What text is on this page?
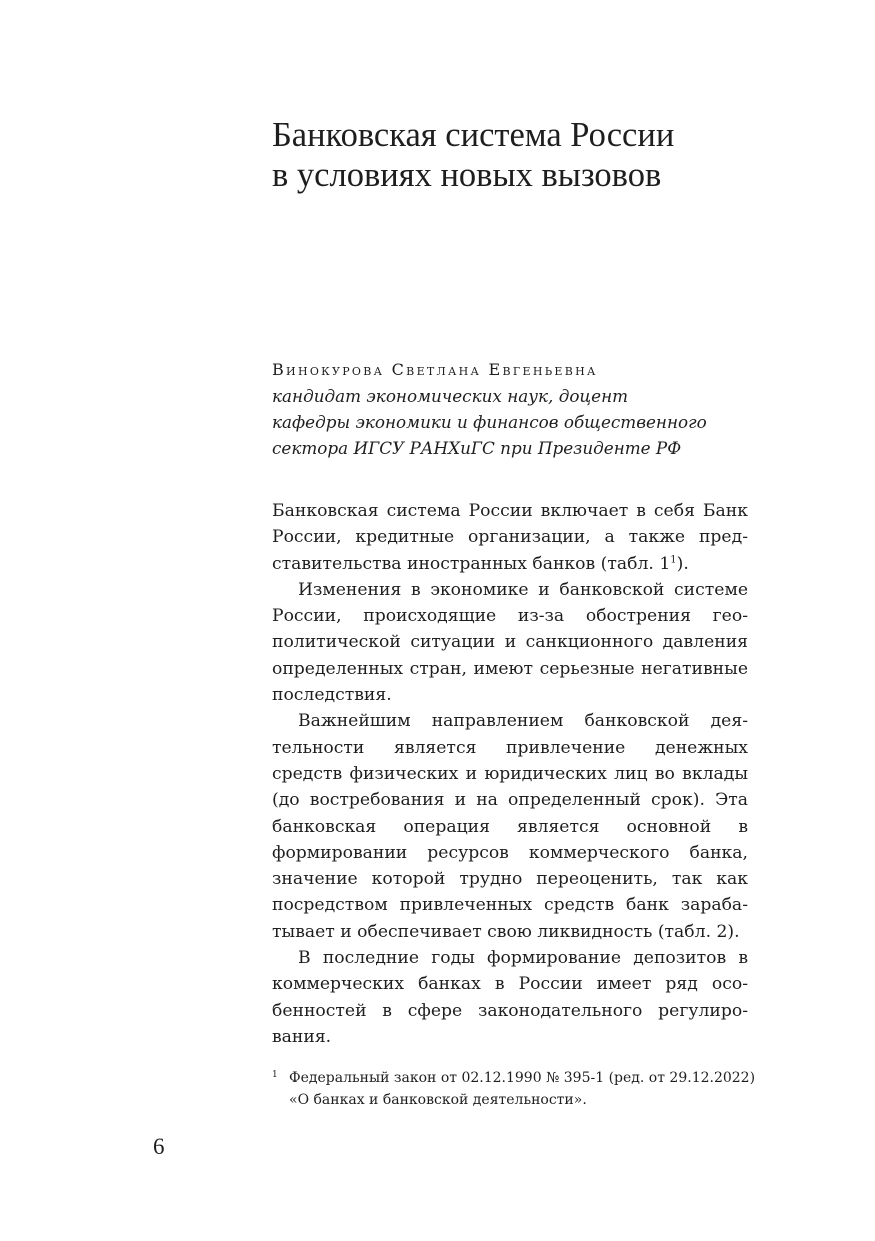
Банковская система России
в условиях новых вызовов
Винокурова Светлана Евгеньевна
кандидат экономических наук, доцент
кафедры экономики и финансов общественного
сектора ИГСУ РАНХиГС при Президенте РФ

Банковская система России включает в себя Банк России, кредитные организации, а также представительства иностранных банков (табл. $1^1$).

Изменения в экономике и банковской системе России, происходящие из-за обострения геополитической ситуации и санкционного давления определенных стран, имеют серьезные негативные последствия.

Важнейшим направлением банковской деятельности является привлечение денежных средств физических и юридических лиц во вклады (до востребования и на определенный срок). Эта банковская операция является основной в формировании ресурсов коммерческого банка, значение которой трудно переоценить, так как посредством привлеченных средств банк зарабатывает и обеспечивает свою ликвидность (табл. 2).

В последние годы формирование депозитов в коммерческих банках в России имеет ряд особенностей в сфере законодательного регулирования.

1 Федеральный закон от 02.12.1990 № 395-1 (ред. от 29.12.2022)
«О банках и банковской деятельности».
6
